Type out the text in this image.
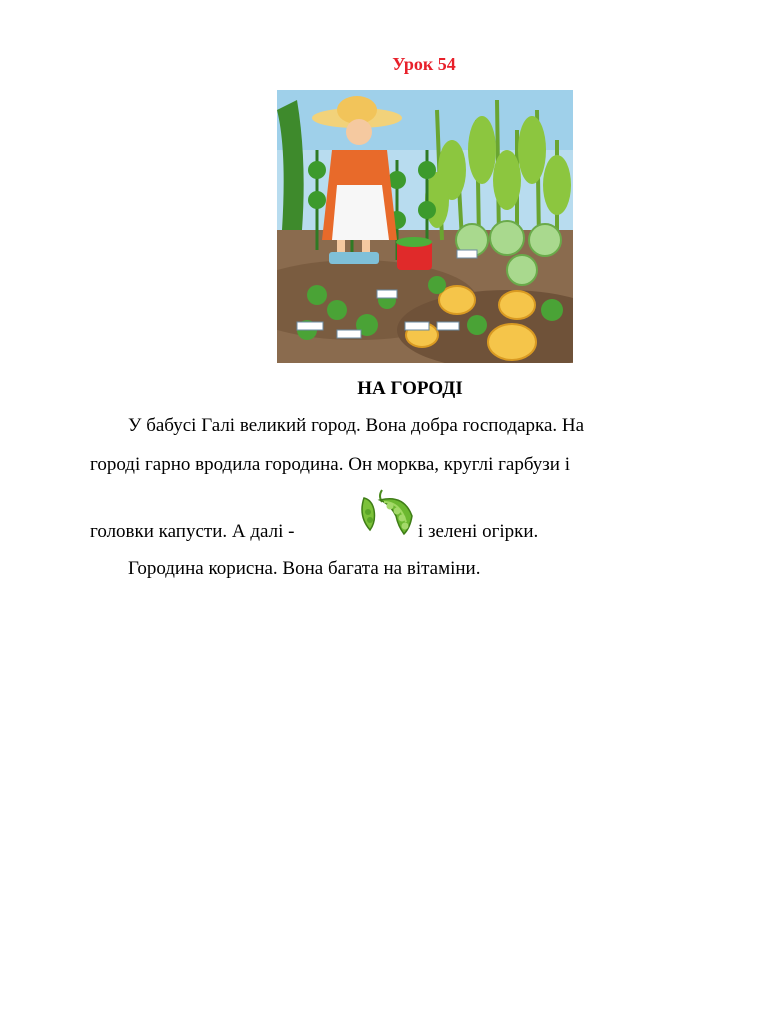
Урок 54
НА ГОРОДІ
У бабусі Галі великий город. Вона добра господарка. На
городі гарно вродила городина. Он морква, круглі гарбузи і
головки капусти. А далі -	і зелені огірки.
Городина корисна. Вона багата на вітаміни.
